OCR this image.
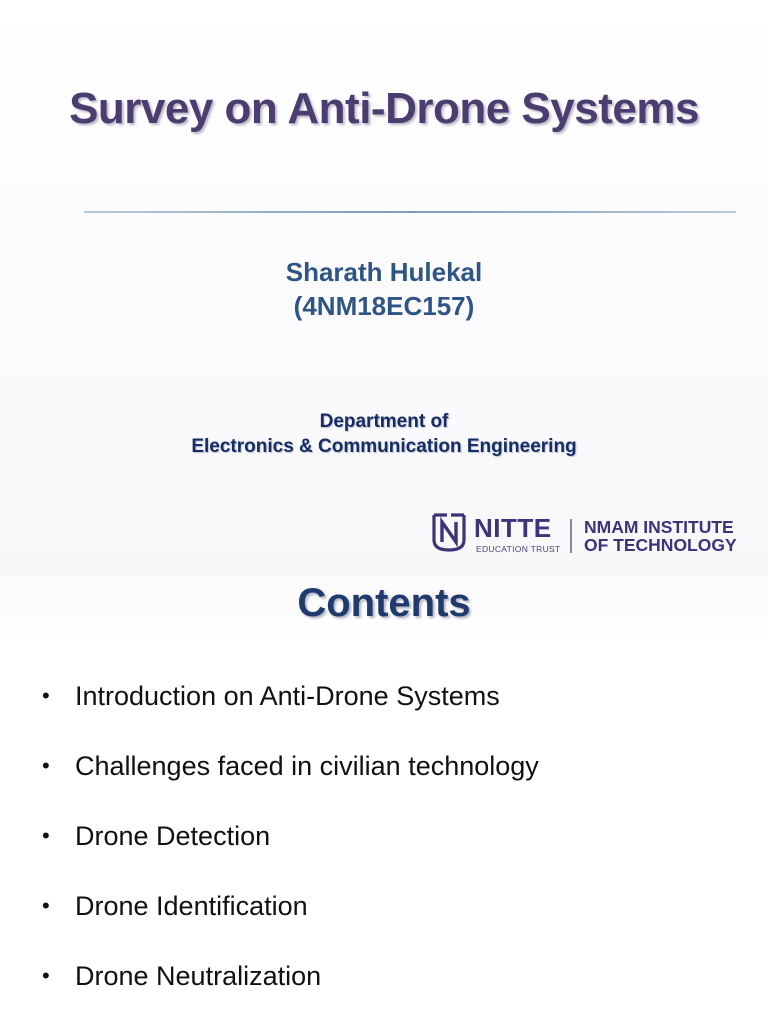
Survey on Anti-Drone Systems
Sharath Hulekal
(4NM18EC157)
Department of
Electronics & Communication Engineering
NITTE
EDUCATION TRUST
NMAM INSTITUTE
OF TECHNOLOGY
Contents
• Introduction on Anti-Drone Systems
• Challenges faced in civilian technology
• Drone Detection
• Drone Identification
• Drone Neutralization
